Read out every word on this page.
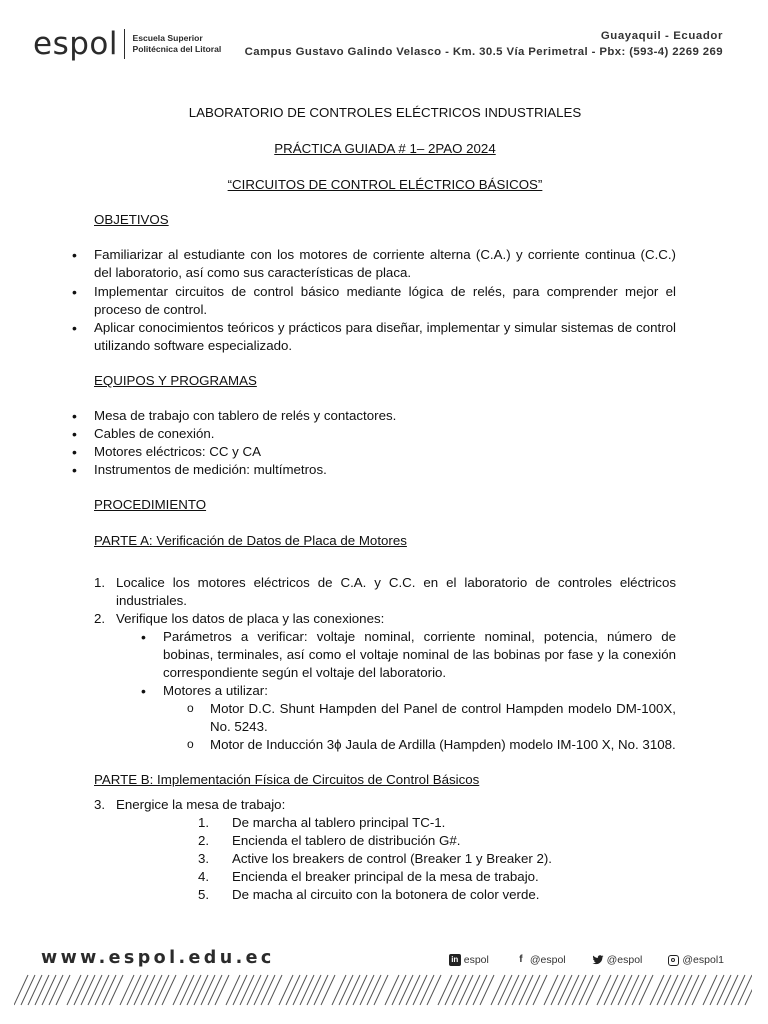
espol Escuela Superior
Politécnica del Litoral
Guayaquil - Ecuador
Campus Gustavo Galindo Velasco - Km. 30.5 Vía Perimetral - Pbx: (593-4) 2269 269

LABORATORIO DE CONTROLES ELÉCTRICOS INDUSTRIALES

PRÁCTICA GUIADA # 1– 2PAO 2024

“CIRCUITOS DE CONTROL ELÉCTRICO BÁSICOS”

OBJETIVOS

• Familiarizar al estudiante con los motores de corriente alterna (C.A.) y corriente continua (C.C.) del laboratorio, así como sus características de placa.
• Implementar circuitos de control básico mediante lógica de relés, para comprender mejor el proceso de control.
• Aplicar conocimientos teóricos y prácticos para diseñar, implementar y simular sistemas de control utilizando software especializado.

EQUIPOS Y PROGRAMAS

• Mesa de trabajo con tablero de relés y contactores.
• Cables de conexión.
• Motores eléctricos: CC y CA
• Instrumentos de medición: multímetros.

PROCEDIMIENTO

PARTE A: Verificación de Datos de Placa de Motores

1. Localice los motores eléctricos de C.A. y C.C. en el laboratorio de controles eléctricos industriales.
2. Verifique los datos de placa y las conexiones:
• Parámetros a verificar: voltaje nominal, corriente nominal, potencia, número de bobinas, terminales, así como el voltaje nominal de las bobinas por fase y la conexión correspondiente según el voltaje del laboratorio.
• Motores a utilizar:
o Motor D.C. Shunt Hampden del Panel de control Hampden modelo DM-100X, No. 5243.
o Motor de Inducción 3ϕ Jaula de Ardilla (Hampden) modelo IM-100 X, No. 3108.

PARTE B: Implementación Física de Circuitos de Control Básicos

3. Energice la mesa de trabajo:
1. De marcha al tablero principal TC-1.
2. Encienda el tablero de distribución G#.
3. Active los breakers de control (Breaker 1 y Breaker 2).
4. Encienda el breaker principal de la mesa de trabajo.
5. De macha al circuito con la botonera de color verde.
www.espol.edu.ec	in espol	f @espol	@espol	@espol1
